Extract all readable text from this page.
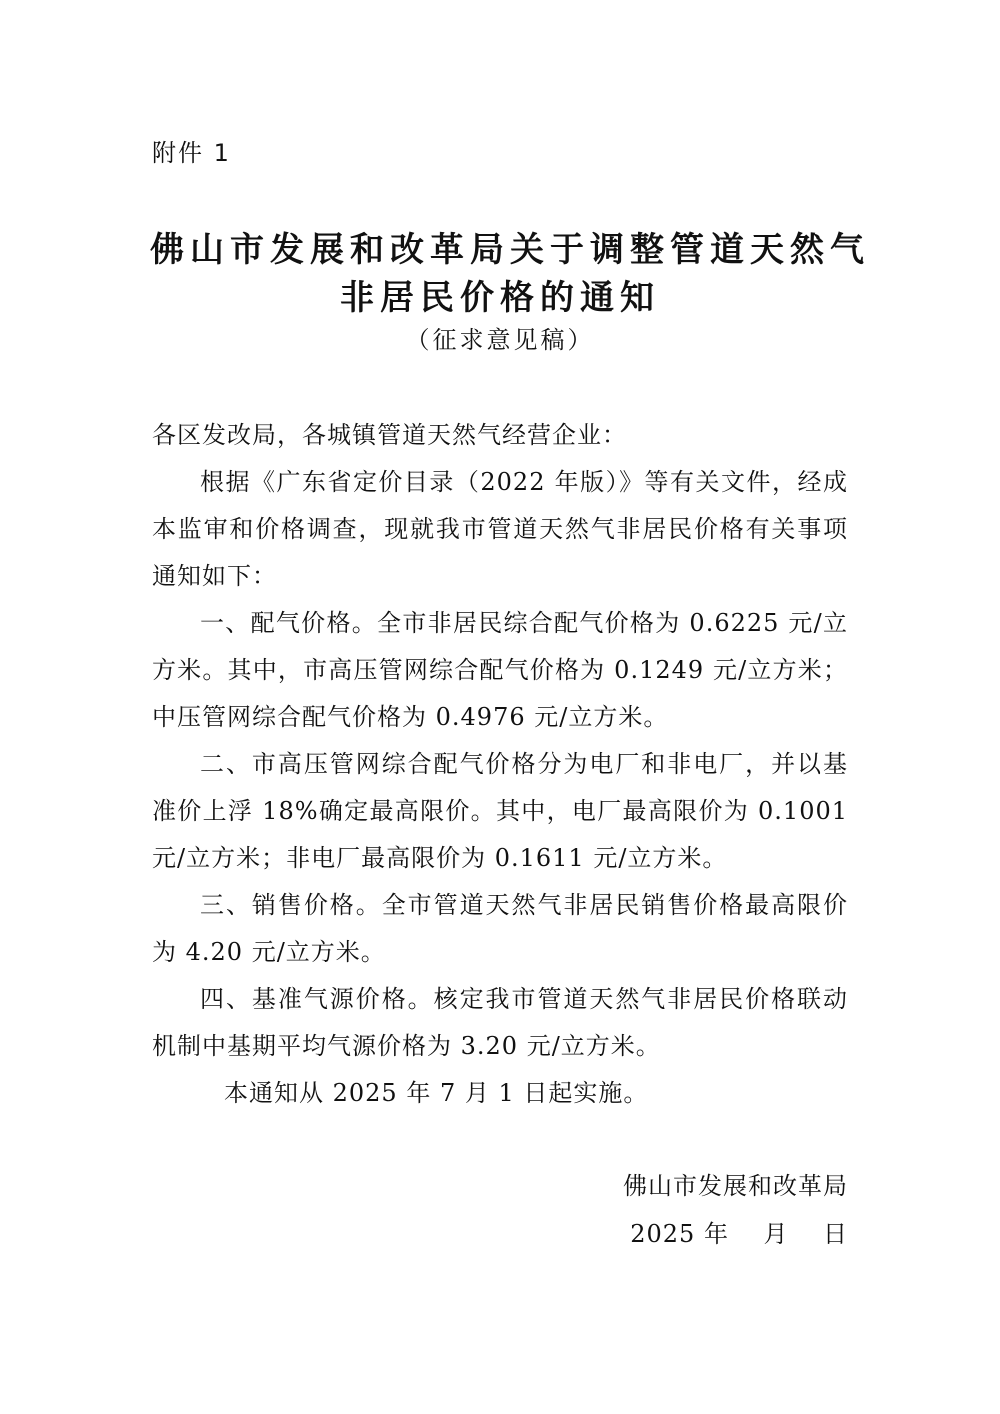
附件 1
佛山市发展和改革局关于调整管道天然气
非居民价格的通知
（征求意见稿）

各区发改局，各城镇管道天然气经营企业：

根据《广东省定价目录（2022 年版）》等有关文件，经成本监审和价格调查，现就我市管道天然气非居民价格有关事项通知如下：

一、配气价格。全市非居民综合配气价格为 0.6225 元/立方米。其中，市高压管网综合配气价格为 0.1249 元/立方米；中压管网综合配气价格为 0.4976 元/立方米。

二、市高压管网综合配气价格分为电厂和非电厂，并以基准价上浮 18%确定最高限价。其中，电厂最高限价为 0.1001 元/立方米；非电厂最高限价为 0.1611 元/立方米。

三、销售价格。全市管道天然气非居民销售价格最高限价为 4.20 元/立方米。

四、基准气源价格。核定我市管道天然气非居民价格联动机制中基期平均气源价格为 3.20 元/立方米。

本通知从 2025 年 7 月 1 日起实施。

佛山市发展和改革局
2025 年    月    日
